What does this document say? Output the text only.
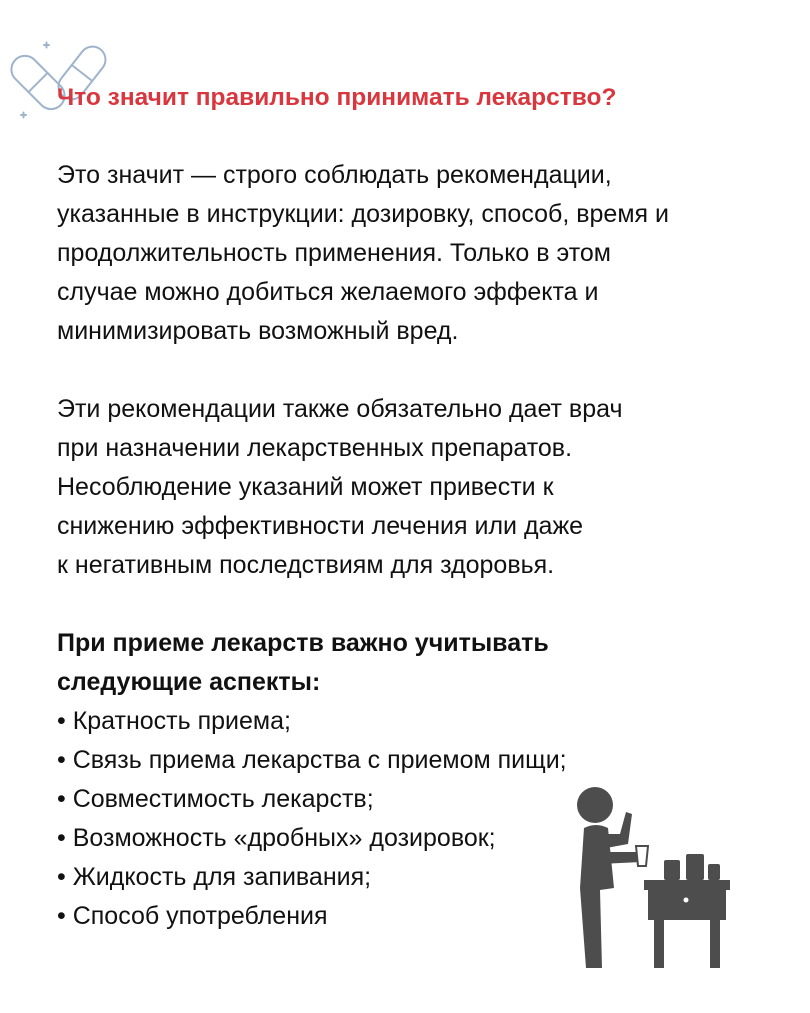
Что значит правильно принимать лекарство?

Это значит — строго соблюдать рекомендации,
указанные в инструкции: дозировку, способ, время и
продолжительность применения. Только в этом
случае можно добиться желаемого эффекта и
минимизировать возможный вред.

Эти рекомендации также обязательно дает врач
при назначении лекарственных препаратов.
Несоблюдение указаний может привести к
снижению эффективности лечения или даже
к негативным последствиям для здоровья.

При приеме лекарств важно учитывать
следующие аспекты:

• Кратность приема;
• Связь приема лекарства с приемом пищи;
• Совместимость лекарств;
• Возможность «дробных» дозировок;
• Жидкость для запивания;
• Способ употребления
